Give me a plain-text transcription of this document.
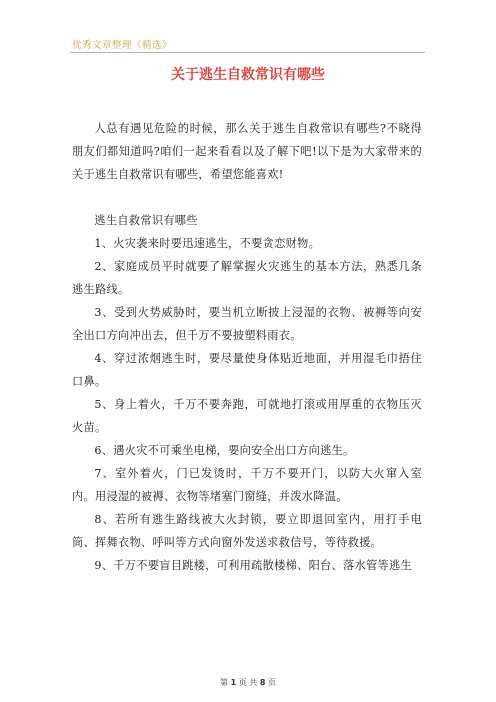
优秀文章整理《精选》
关于逃生自救常识有哪些

人总有遇见危险的时候，那么关于逃生自救常识有哪些?不晓得朋友们都知道吗?咱们一起来看看以及了解下吧!以下是为大家带来的关于逃生自救常识有哪些，希望您能喜欢!

逃生自救常识有哪些

1、火灾袭来时要迅速逃生，不要贪恋财物。

2、家庭成员平时就要了解掌握火灾逃生的基本方法，熟悉几条逃生路线。

3、受到火势威胁时，要当机立断披上浸湿的衣物、被褥等向安全出口方向冲出去，但千万不要披塑料雨衣。

4、穿过浓烟逃生时，要尽量使身体贴近地面，并用湿毛巾捂住口鼻。

5、身上着火，千万不要奔跑，可就地打滚或用厚重的衣物压灭火苗。

6、遇火灾不可乘坐电梯，要向安全出口方向逃生。

7、室外着火，门已发烫时，千万不要开门，以防大火窜入室内。用浸湿的被褥、衣物等堵塞门窗缝，并泼水降温。

8、若所有逃生路线被大火封锁，要立即退回室内，用打手电筒、挥舞衣物、呼叫等方式向窗外发送求救信号，等待救援。

9、千万不要盲目跳楼，可利用疏散楼梯、阳台、落水管等逃生

第 1 页 共 8 页
